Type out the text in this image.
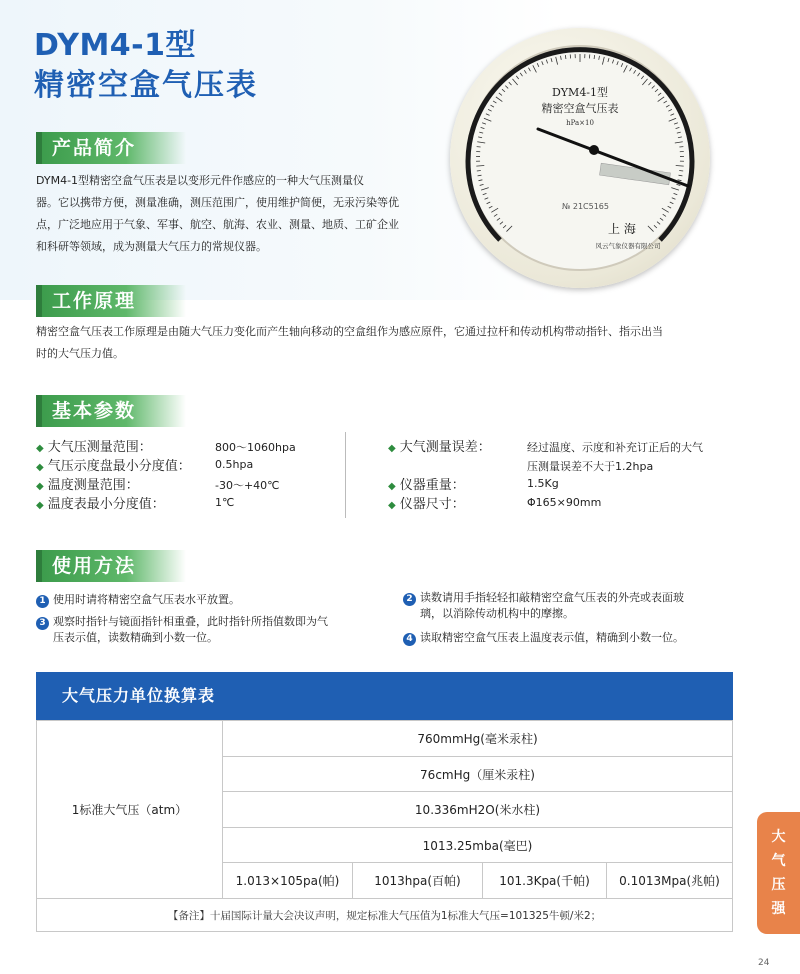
DYM4-1型
精密空盒气压表	DYM4-1型
精密空盒气压表
hPa×10
№ 21C5165
上 海
风云气象仪器有限公司
产品简介
DYM4-1型精密空盒气压表是以变形元件作感应的一种大气压测量仪
器。它以携带方便，测量准确，测压范围广，使用维护简便，无汞污染等优
点，广泛地应用于气象、军事、航空、航海、农业、测量、地质、工矿企业
和科研等领域，成为测量大气压力的常规仪器。
工作原理
精密空盒气压表工作原理是由随大气压力变化而产生轴向移动的空盒组作为感应原件，它通过拉杆和传动机构带动指针、指示出当
时的大气压力值。
基本参数
◆ 大气压测量范围：	800～1060hpa
◆ 气压示度盘最小分度值： 0.5hpa
◆ 温度测量范围：	-30～+40℃
◆ 温度表最小分度值：	1℃
◆ 大气测量误差：	经过温度、示度和补充订正后的大气
压测量误差不大于1.2hpa
◆ 仪器重量：	1.5Kg
◆ 仪器尺寸：	Φ165×90mm
使用方法
1 使用时请将精密空盒气压表水平放置。
3 观察时指针与镜面指针相重叠，此时指针所指值数即为气
压表示值，读数精确到小数一位。
2 读数请用手指轻轻扣敲精密空盒气压表的外壳或表面玻
璃，以消除传动机构中的摩擦。
4 读取精密空盒气压表上温度表示值，精确到小数一位。
大气压力单位换算表
1标准大气压（atm）
760mmHg(毫米汞柱)
76cmHg（厘米汞柱)
10.336mH2O(米水柱)
1013.25mba(毫巴)
1.013×105pa(帕)	1013hpa(百帕)	101.3Kpa(千帕)	0.1013Mpa(兆帕)
【备注】十届国际计量大会决议声明，规定标准大气压值为1标准大气压=101325牛顿/米2；
大
气
压
强
24
